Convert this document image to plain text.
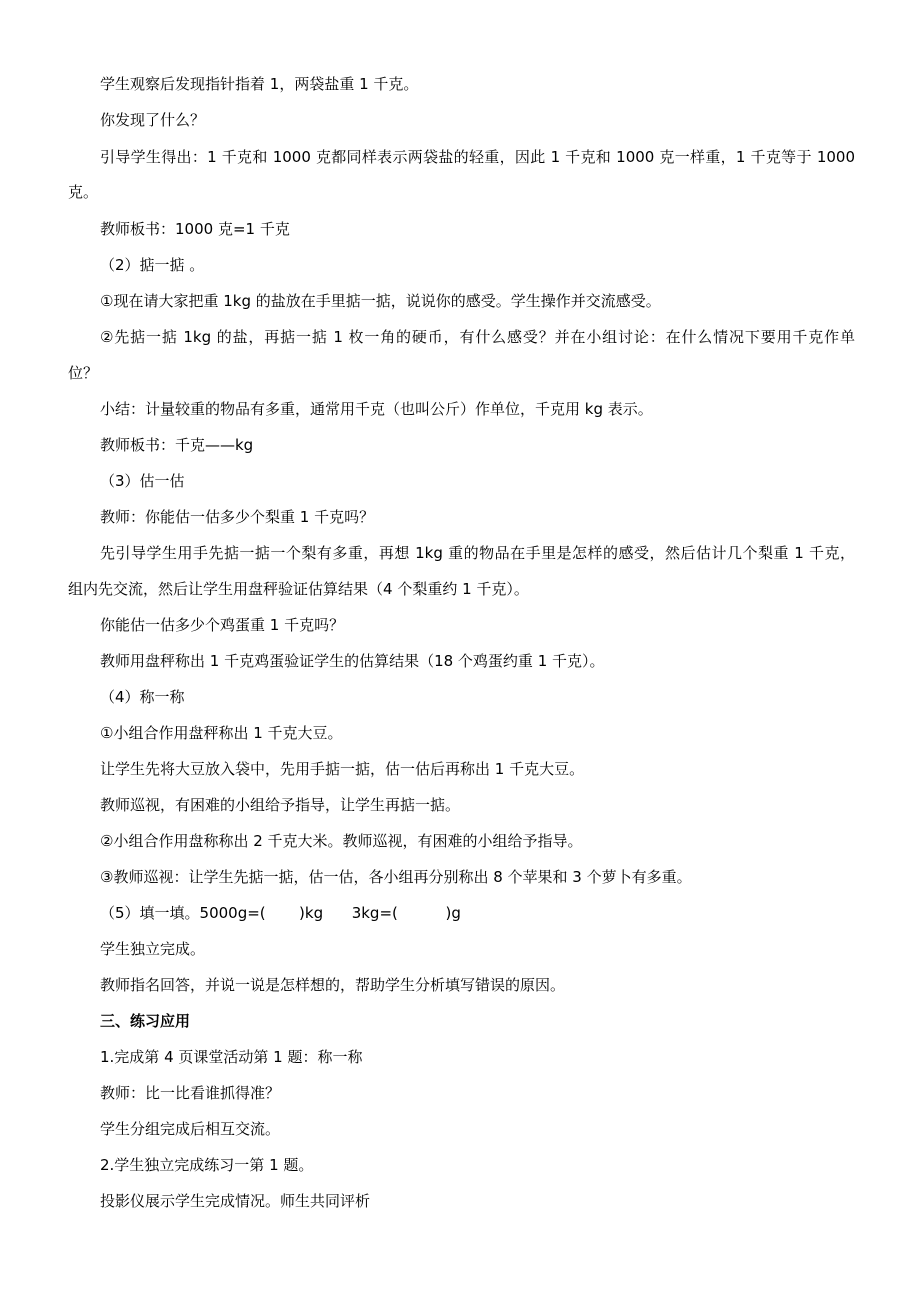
学生观察后发现指针指着 1，两袋盐重 1 千克。
你发现了什么？
引导学生得出：1 千克和 1000 克都同样表示两袋盐的轻重，因此 1 千克和 1000 克一样重，1 千克等于 1000
克。
教师板书：1000 克=1 千克
（2）掂一掂 。
①现在请大家把重 1kg 的盐放在手里掂一掂，说说你的感受。学生操作并交流感受。
②先掂一掂 1kg 的盐，再掂一掂 1 枚一角的硬币，有什么感受？并在小组讨论：在什么情况下要用千克作单
位？
小结：计量较重的物品有多重，通常用千克（也叫公斤）作单位，千克用 kg 表示。
教师板书：千克——kg
（3）估一估
教师：你能估一估多少个梨重 1 千克吗？
先引导学生用手先掂一掂一个梨有多重，再想 1kg 重的物品在手里是怎样的感受，然后估计几个梨重 1 千克，
组内先交流，然后让学生用盘秤验证估算结果（4 个梨重约 1 千克）。
你能估一估多少个鸡蛋重 1 千克吗？
教师用盘秤称出 1 千克鸡蛋验证学生的估算结果（18 个鸡蛋约重 1 千克）。
（4）称一称
①小组合作用盘秤称出 1 千克大豆。
让学生先将大豆放入袋中，先用手掂一掂，估一估后再称出 1 千克大豆。
教师巡视，有困难的小组给予指导，让学生再掂一掂。
②小组合作用盘称称出 2 千克大米。教师巡视，有困难的小组给予指导。
③教师巡视：让学生先掂一掂，估一估，各小组再分别称出 8 个苹果和 3 个萝卜有多重。
（5）填一填。5000g=(       )kg      3kg=(          )g
学生独立完成。
教师指名回答，并说一说是怎样想的，帮助学生分析填写错误的原因。
三、练习应用
1.完成第 4 页课堂活动第 1 题：称一称
教师：比一比看谁抓得准？
学生分组完成后相互交流。
2.学生独立完成练习一第 1 题。
投影仪展示学生完成情况。师生共同评析
